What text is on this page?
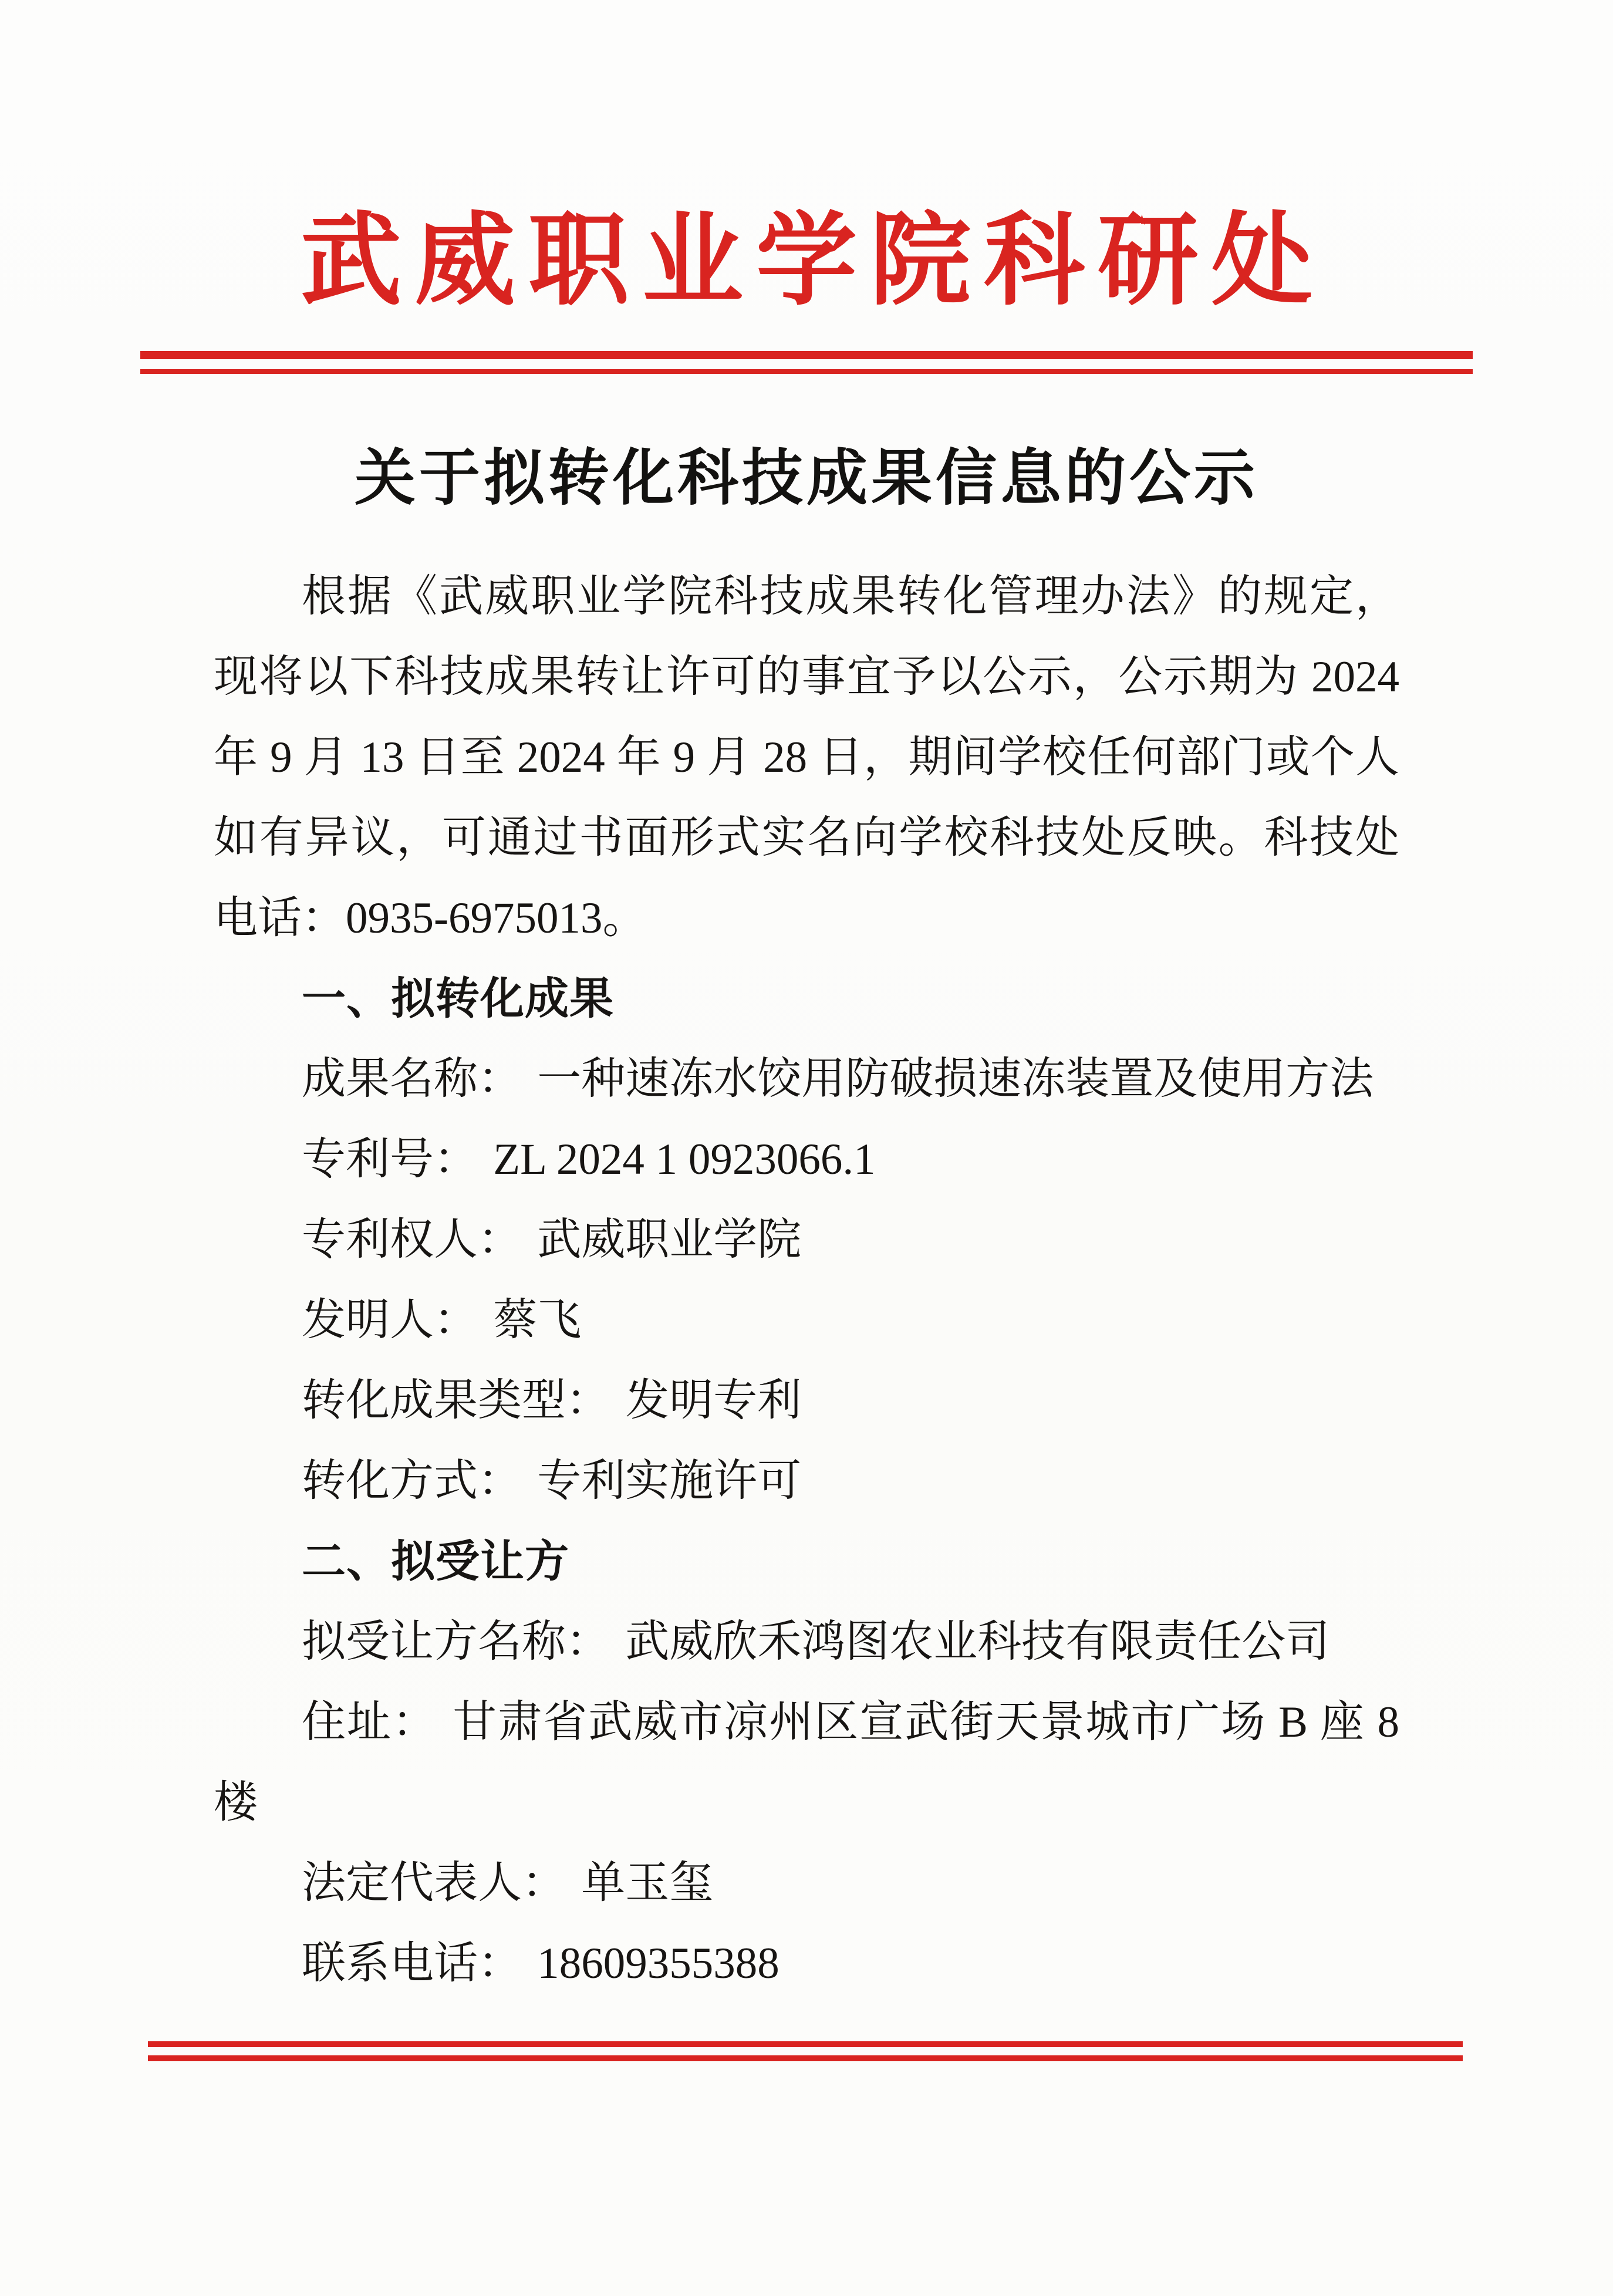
武威职业学院科研处
关于拟转化科技成果信息的公示

根据《武威职业学院科技成果转化管理办法》的规定，现将以下科技成果转让许可的事宜予以公示，公示期为 2024 年 9 月 13 日至 2024 年 9 月 28 日，期间学校任何部门或个人如有异议，可通过书面形式实名向学校科技处反映。科技处电话：0935-6975013。

一、拟转化成果

成果名称： 一种速冻水饺用防破损速冻装置及使用方法

专利号： ZL 2024 1 0923066.1

专利权人： 武威职业学院

发明人： 蔡飞

转化成果类型： 发明专利

转化方式： 专利实施许可

二、拟受让方

拟受让方名称： 武威欣禾鸿图农业科技有限责任公司

住址： 甘肃省武威市凉州区宣武街天景城市广场 B 座 8 楼

法定代表人： 单玉玺

联系电话： 18609355388
